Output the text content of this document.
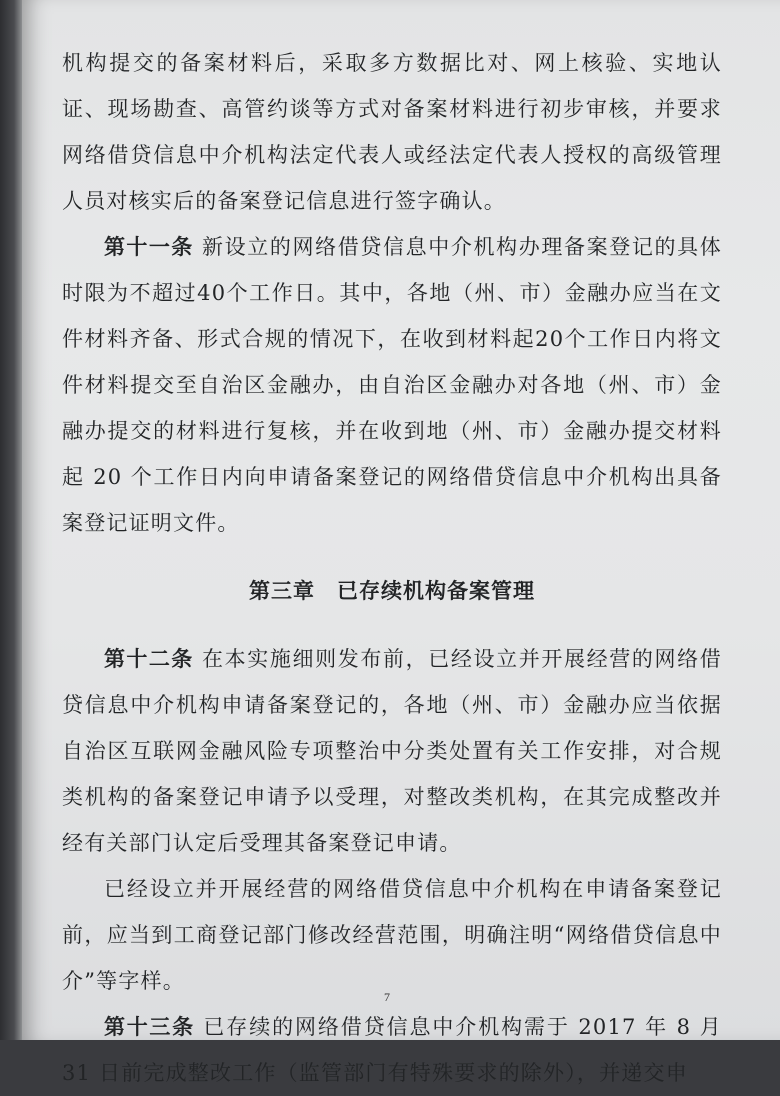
机构提交的备案材料后，采取多方数据比对、网上核验、实地认证、现场勘查、高管约谈等方式对备案材料进行初步审核，并要求网络借贷信息中介机构法定代表人或经法定代表人授权的高级管理人员对核实后的备案登记信息进行签字确认。

第十一条 新设立的网络借贷信息中介机构办理备案登记的具体时限为不超过40个工作日。其中，各地（州、市）金融办应当在文件材料齐备、形式合规的情况下，在收到材料起20个工作日内将文件材料提交至自治区金融办，由自治区金融办对各地（州、市）金融办提交的材料进行复核，并在收到地（州、市）金融办提交材料起 20 个工作日内向申请备案登记的网络借贷信息中介机构出具备案登记证明文件。

第三章　已存续机构备案管理

第十二条 在本实施细则发布前，已经设立并开展经营的网络借贷信息中介机构申请备案登记的，各地（州、市）金融办应当依据自治区互联网金融风险专项整治中分类处置有关工作安排，对合规类机构的备案登记申请予以受理，对整改类机构，在其完成整改并经有关部门认定后受理其备案登记申请。

已经设立并开展经营的网络借贷信息中介机构在申请备案登记前，应当到工商登记部门修改经营范围，明确注明“网络借贷信息中介”等字样。

第十三条 已存续的网络借贷信息中介机构需于 2017 年 8 月 31 日前完成整改工作（监管部门有特殊要求的除外），并递交申

7
